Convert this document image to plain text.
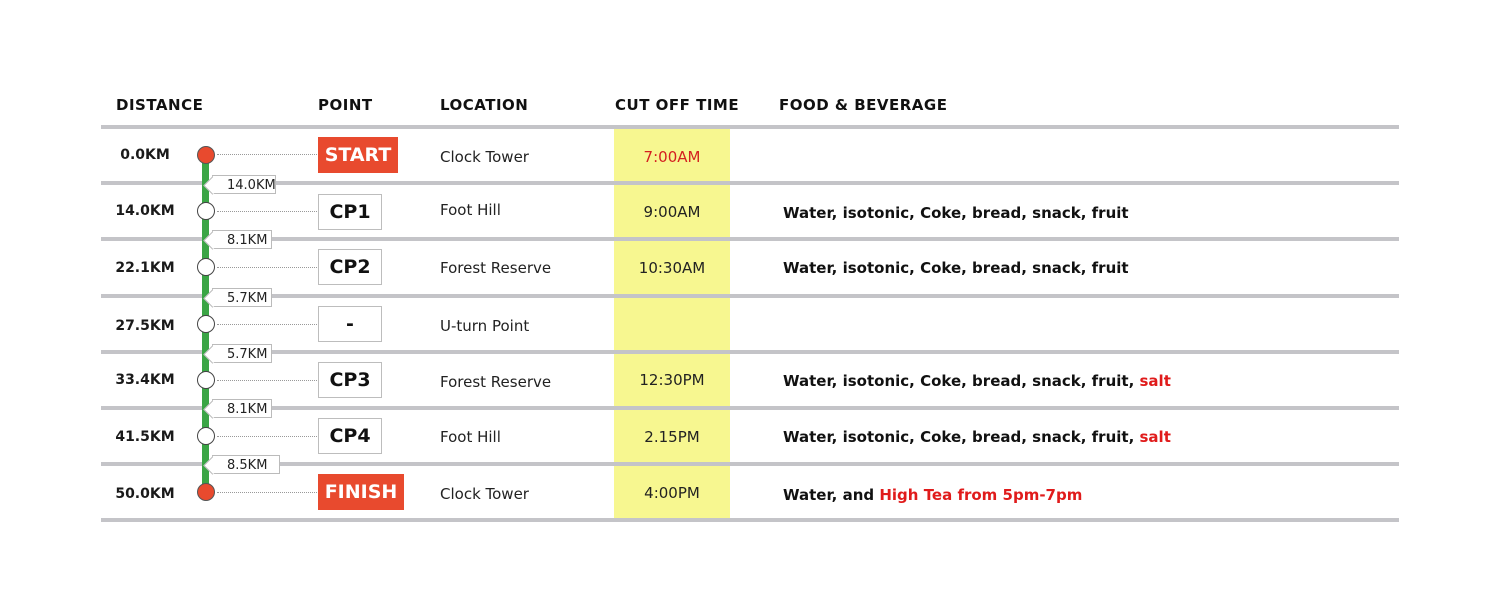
DISTANCE	POINT	LOCATION	CUT OFF TIME	FOOD & BEVERAGE
14.0KM
8.1KM
5.7KM
5.7KM
8.1KM
8.5KM
0.0KM	START	Clock Tower	7:00AM
14.0KM	CP1	Foot Hill	9:00AM	Water, isotonic, Coke, bread, snack, fruit
22.1KM	CP2	Forest Reserve	10:30AM	Water, isotonic, Coke, bread, snack, fruit
27.5KM	-	U-turn Point
33.4KM	CP3	Forest Reserve	12:30PM	Water, isotonic, Coke, bread, snack, fruit, salt
41.5KM	CP4	Foot Hill	2.15PM	Water, isotonic, Coke, bread, snack, fruit, salt
50.0KM	FINISH	Clock Tower	4:00PM	Water, and High Tea from 5pm-7pm
